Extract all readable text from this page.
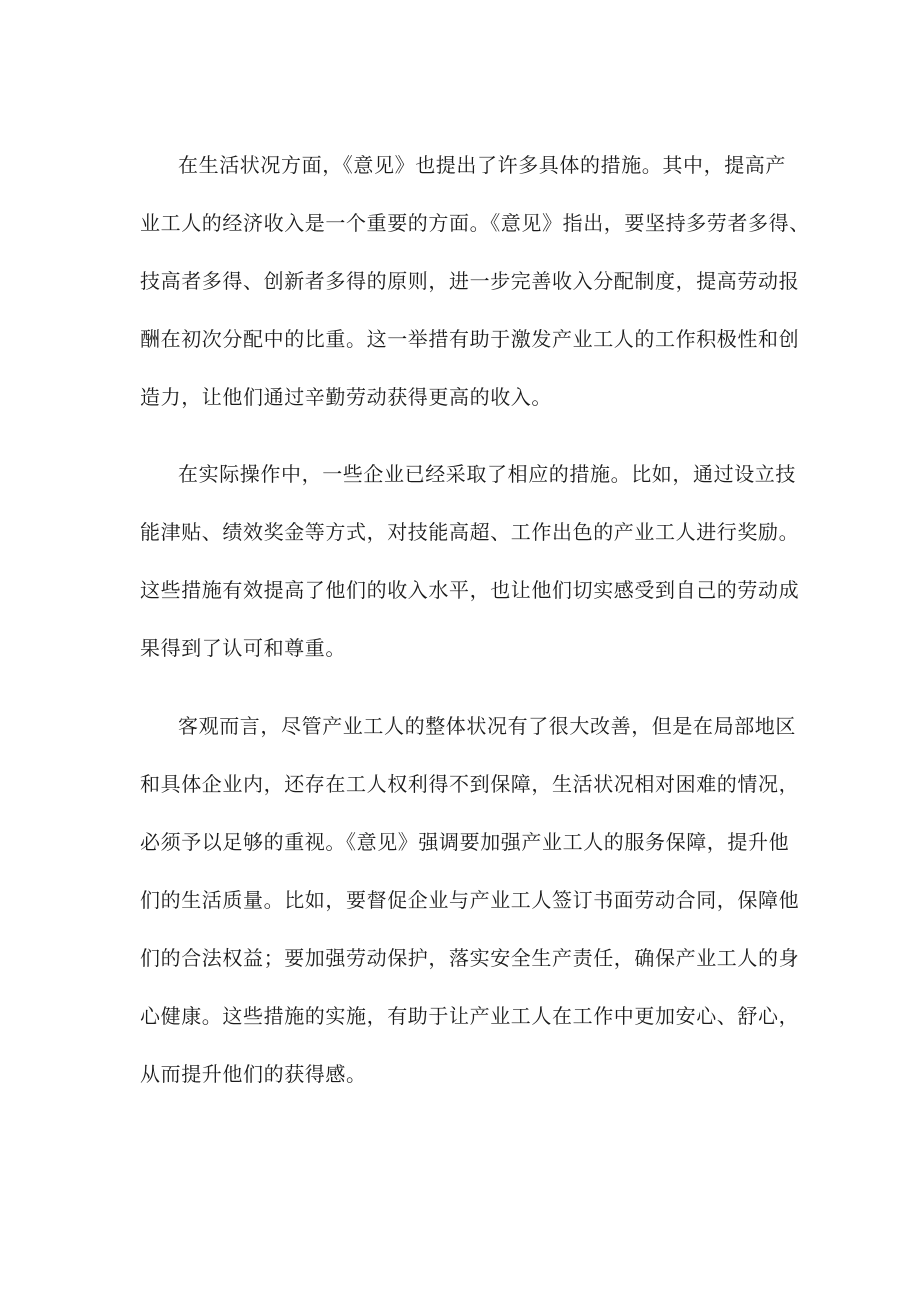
在生活状况方面，《意见》也提出了许多具体的措施。其中，提高产
业工人的经济收入是一个重要的方面。《意见》指出，要坚持多劳者多得、
技高者多得、创新者多得的原则，进一步完善收入分配制度，提高劳动报
酬在初次分配中的比重。这一举措有助于激发产业工人的工作积极性和创
造力，让他们通过辛勤劳动获得更高的收入。
在实际操作中，一些企业已经采取了相应的措施。比如，通过设立技
能津贴、绩效奖金等方式，对技能高超、工作出色的产业工人进行奖励。
这些措施有效提高了他们的收入水平，也让他们切实感受到自己的劳动成
果得到了认可和尊重。
客观而言，尽管产业工人的整体状况有了很大改善，但是在局部地区
和具体企业内，还存在工人权利得不到保障，生活状况相对困难的情况，
必须予以足够的重视。《意见》强调要加强产业工人的服务保障，提升他
们的生活质量。比如，要督促企业与产业工人签订书面劳动合同，保障他
们的合法权益；要加强劳动保护，落实安全生产责任，确保产业工人的身
心健康。这些措施的实施，有助于让产业工人在工作中更加安心、舒心，
从而提升他们的获得感。
